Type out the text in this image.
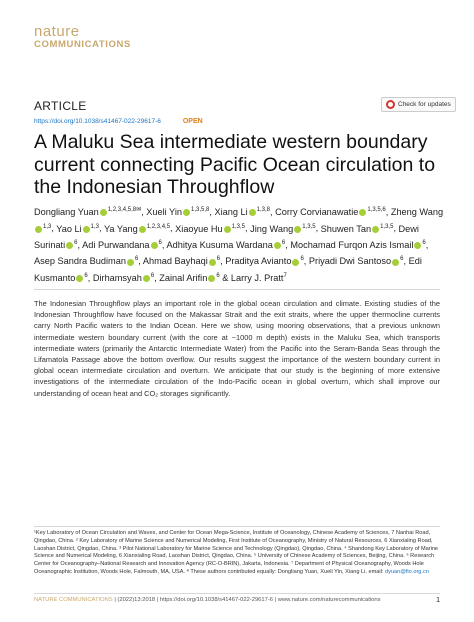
nature
COMMUNICATIONS
ARTICLE	Check for updates
https://doi.org/10.1038/s41467-022-29617-6	OPEN
A Maluku Sea intermediate western boundary current connecting Pacific Ocean circulation to the Indonesian Throughflow
Dongliang Yuan $^{1,2,3,4,5,8✉}$, Xueli Yin $^{1,3,5,8}$, Xiang Li $^{1,3,8}$, Corry Corvianawatie $^{1,3,5,6}$, Zheng Wang$^{1,3}$, Yao Li $^{1,3}$, Ya Yang $^{1,2,3,4,5}$, Xiaoyue Hu $^{1,3,5}$, Jing Wang $^{1,3,5}$, Shuwen Tan $^{1,3,5}$, Dewi Surinati $^6$, Adi Purwandana $^6$, Adhitya Kusuma Wardana $^6$, Mochamad Furqon Azis Ismail $^6$, Asep Sandra Budiman $^6$, Ahmad Bayhaqi $^6$, Praditya Avianto $^6$, Priyadi Dwi Santoso $^6$, Edi Kusmanto $^6$, Dirhamsyah $^6$, Zainal Arifin $^6$ & Larry J. Pratt$^7$
The Indonesian Throughflow plays an important role in the global ocean circulation and climate. Existing studies of the Indonesian Throughflow have focused on the Makassar Strait and the exit straits, where the upper thermocline currents carry North Pacific waters to the Indian Ocean. Here we show, using mooring observations, that a previous unknown intermediate western boundary current (with the core at ~1000 m depth) exists in the Maluku Sea, which transports intermediate waters (primarily the Antarctic Intermediate Water) from the Pacific into the Seram-Banda Seas through the Lifamatola Passage above the bottom overflow. Our results suggest the importance of the western boundary current in global ocean intermediate circulation and overturn. We anticipate that our study is the beginning of more extensive investigations of the intermediate circulation of the Indo-Pacific ocean in global overturn, which shall improve our understanding of ocean heat and CO₂ storages significantly.
¹Key Laboratory of Ocean Circulation and Waves, and Center for Ocean Mega-Science, Institute of Oceanology, Chinese Academy of Sciences, 7 Nanhai Road, Qingdao, China. ² Key Laboratory of Marine Science and Numerical Modeling, First Institute of Oceanography, Ministry of Natural Resources, 6 Xianxialing Road, Laoshan District, Qingdao, China. ³ Pilot National Laboratory for Marine Science and Technology (Qingdao), Qingdao, China. ⁴ Shandong Key Laboratory of Marine Science and Numerical Modeling, 6 Xianxialing Road, Laoshan District, Qingdao, China. ⁵ University of Chinese Academy of Sciences, Beijing, China. ⁶ Research Center for Oceanography–National Research and Innovation Agency (RC-O-BRIN), Jakarta, Indonesia. ⁷ Department of Physical Oceanography, Woods Hole Oceanographic Institution, Woods Hole, Falmouth, MA, USA. ⁸ These authors contributed equally: Dongliang Yuan, Xueli Yin, Xiang Li. email: dyuan@fio.org.cn
NATURE COMMUNICATIONS | (2022)13:2018 | https://doi.org/10.1038/s41467-022-29617-6 | www.nature.com/naturecommunications	1
